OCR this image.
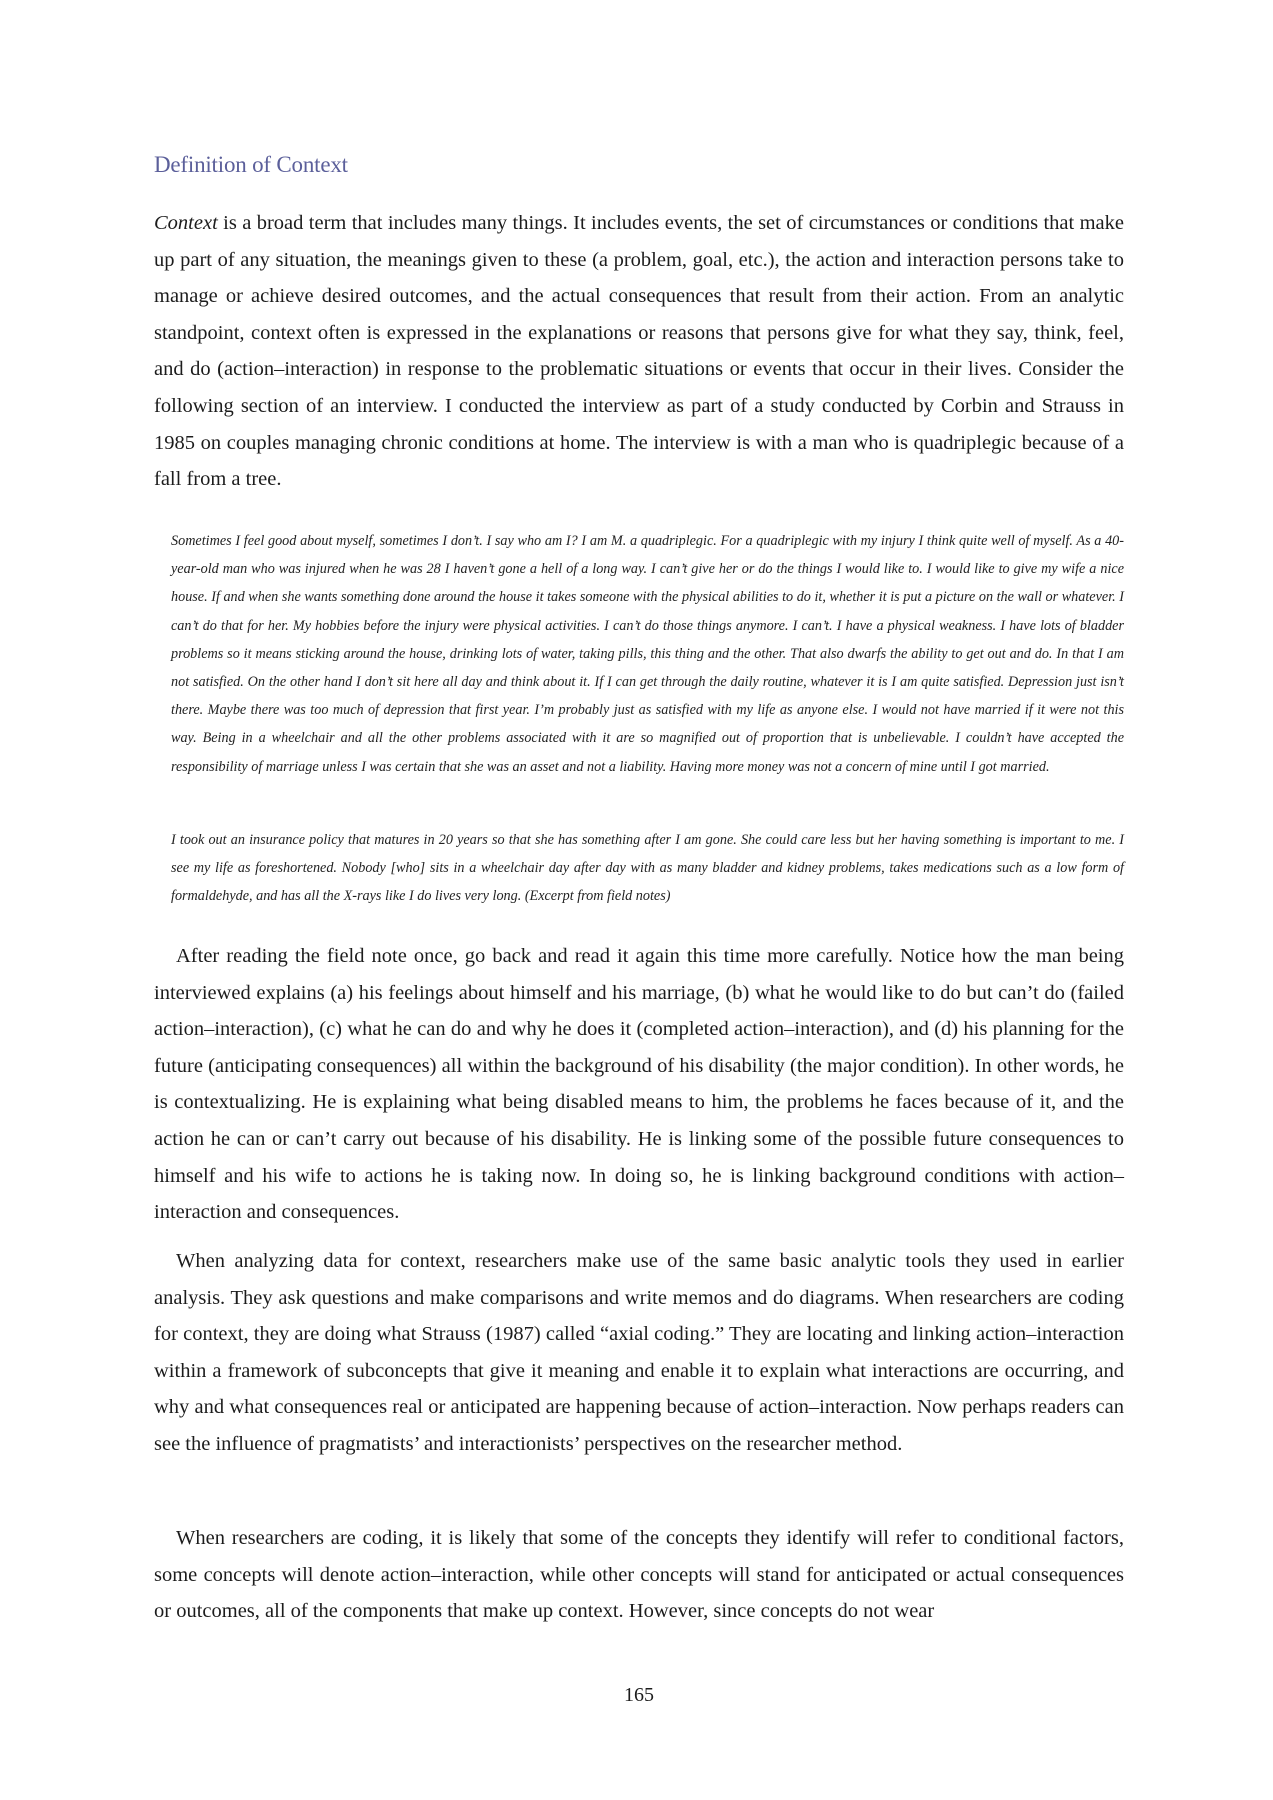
Definition of Context

Context is a broad term that includes many things. It includes events, the set of circumstances or conditions that make up part of any situation, the meanings given to these (a problem, goal, etc.), the action and interaction persons take to manage or achieve desired outcomes, and the actual consequences that result from their action. From an analytic standpoint, context often is expressed in the explanations or reasons that persons give for what they say, think, feel, and do (action–interaction) in response to the problematic situations or events that occur in their lives. Consider the following section of an interview. I conducted the interview as part of a study conducted by Corbin and Strauss in 1985 on couples managing chronic conditions at home. The interview is with a man who is quadriplegic because of a fall from a tree.

Sometimes I feel good about myself, sometimes I don’t. I say who am I? I am M. a quadriplegic. For a quadriplegic with my injury I think quite well of myself. As a 40-year-old man who was injured when he was 28 I haven’t gone a hell of a long way. I can’t give her or do the things I would like to. I would like to give my wife a nice house. If and when she wants something done around the house it takes someone with the physical abilities to do it, whether it is put a picture on the wall or whatever. I can’t do that for her. My hobbies before the injury were physical activities. I can’t do those things anymore. I can’t. I have a physical weakness. I have lots of bladder problems so it means sticking around the house, drinking lots of water, taking pills, this thing and the other. That also dwarfs the ability to get out and do. In that I am not satisfied. On the other hand I don’t sit here all day and think about it. If I can get through the daily routine, whatever it is I am quite satisfied. Depression just isn’t there. Maybe there was too much of depression that first year. I’m probably just as satisfied with my life as anyone else. I would not have married if it were not this way. Being in a wheelchair and all the other problems associated with it are so magnified out of proportion that is unbelievable. I couldn’t have accepted the responsibility of marriage unless I was certain that she was an asset and not a liability. Having more money was not a concern of mine until I got married.

I took out an insurance policy that matures in 20 years so that she has something after I am gone. She could care less but her having something is important to me. I see my life as foreshortened. Nobody [who] sits in a wheelchair day after day with as many bladder and kidney problems, takes medications such as a low form of formaldehyde, and has all the X-rays like I do lives very long. (Excerpt from field notes)

After reading the field note once, go back and read it again this time more carefully. Notice how the man being interviewed explains (a) his feelings about himself and his marriage, (b) what he would like to do but can’t do (failed action–interaction), (c) what he can do and why he does it (completed action–interaction), and (d) his planning for the future (anticipating consequences) all within the background of his disability (the major condition). In other words, he is contextualizing. He is explaining what being disabled means to him, the problems he faces because of it, and the action he can or can’t carry out because of his disability. He is linking some of the possible future consequences to himself and his wife to actions he is taking now. In doing so, he is linking background conditions with action–interaction and consequences.

When analyzing data for context, researchers make use of the same basic analytic tools they used in earlier analysis. They ask questions and make comparisons and write memos and do diagrams. When researchers are coding for context, they are doing what Strauss (1987) called “axial coding.” They are locating and linking action–interaction within a framework of subconcepts that give it meaning and enable it to explain what interactions are occurring, and why and what consequences real or anticipated are happening because of action–interaction. Now perhaps readers can see the influence of pragmatists’ and interactionists’ perspectives on the researcher method.

When researchers are coding, it is likely that some of the concepts they identify will refer to conditional factors, some concepts will denote action–interaction, while other concepts will stand for anticipated or actual consequences or outcomes, all of the components that make up context. However, since concepts do not wear

165
